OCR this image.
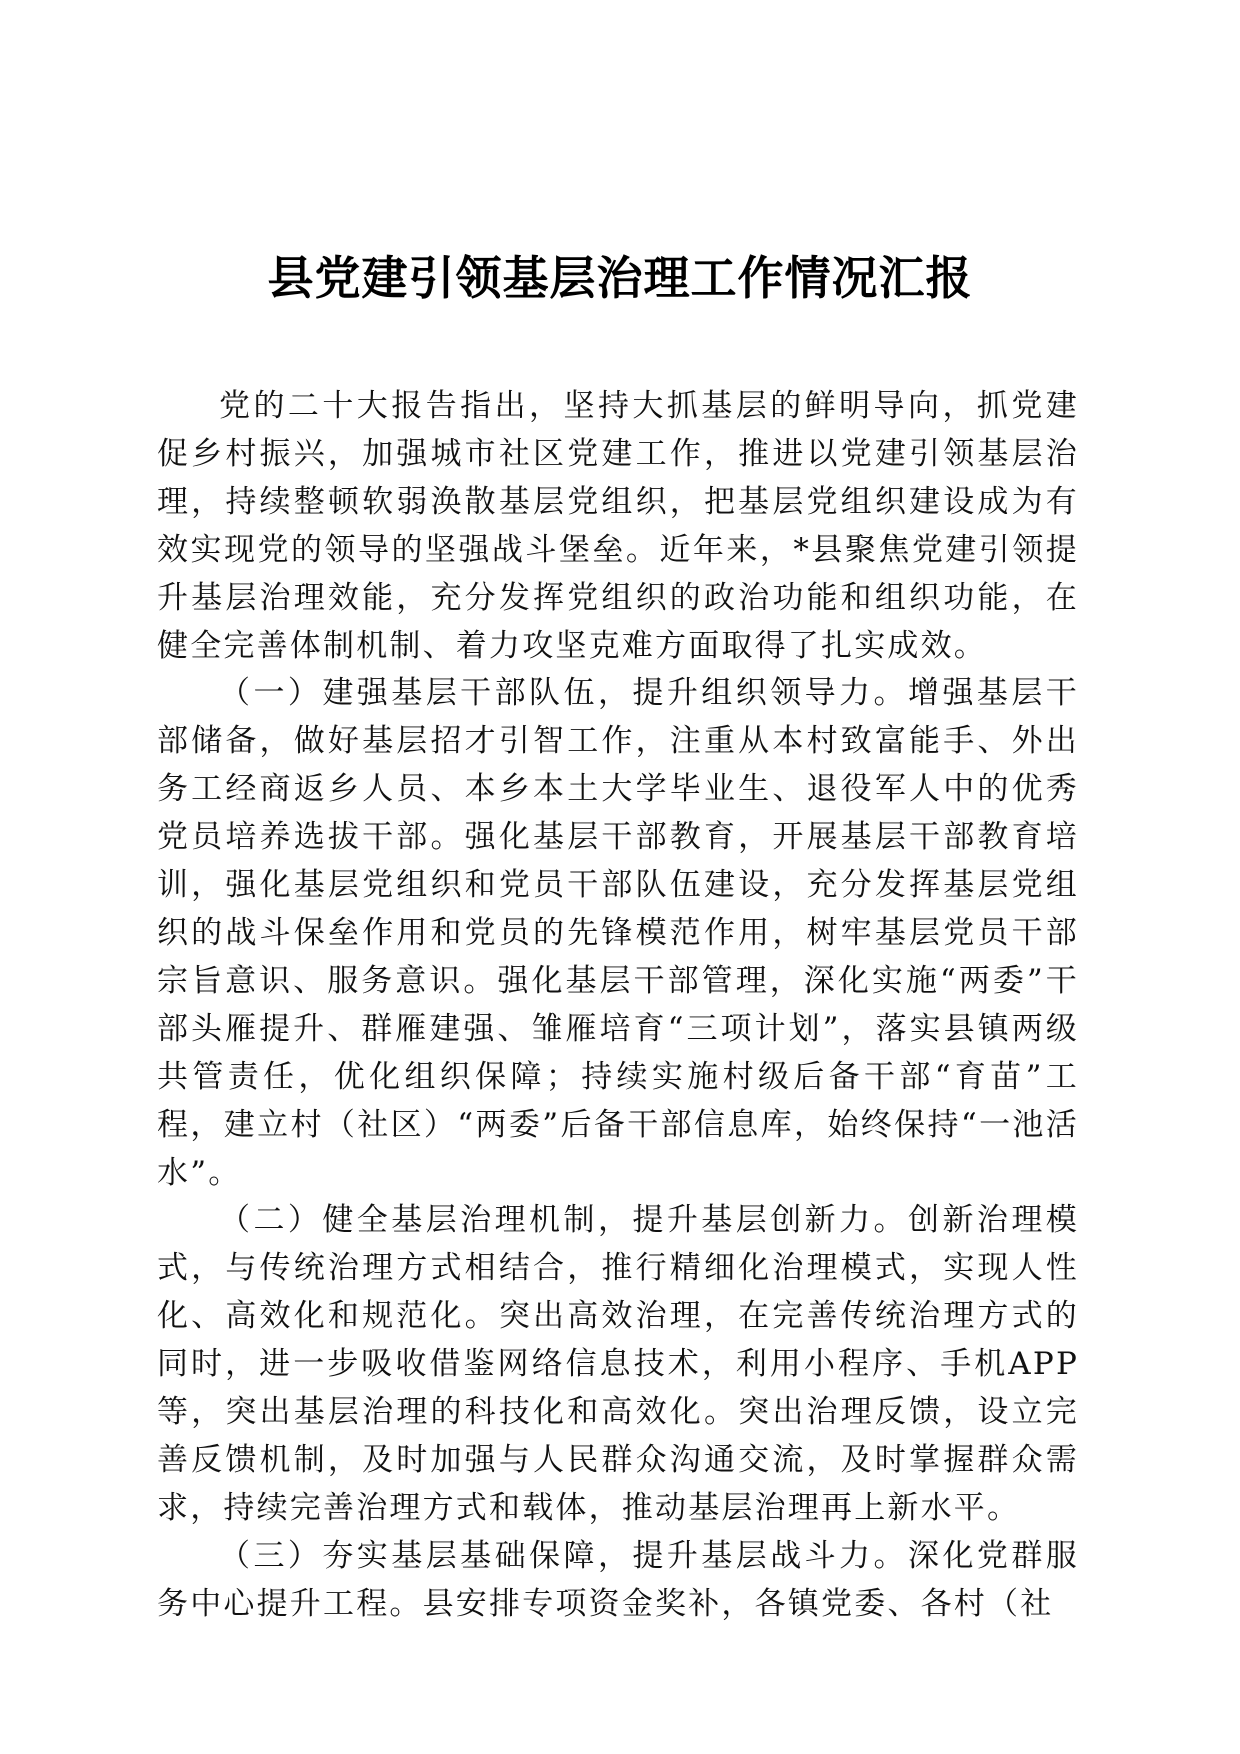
县党建引领基层治理工作情况汇报

党的二十大报告指出，坚持大抓基层的鲜明导向，抓党建促乡村振兴，加强城市社区党建工作，推进以党建引领基层治理，持续整顿软弱涣散基层党组织，把基层党组织建设成为有效实现党的领导的坚强战斗堡垒。近年来，*县聚焦党建引领提升基层治理效能，充分发挥党组织的政治功能和组织功能，在健全完善体制机制、着力攻坚克难方面取得了扎实成效。

（一）建强基层干部队伍，提升组织领导力。增强基层干部储备，做好基层招才引智工作，注重从本村致富能手、外出务工经商返乡人员、本乡本土大学毕业生、退役军人中的优秀党员培养选拔干部。强化基层干部教育，开展基层干部教育培训，强化基层党组织和党员干部队伍建设，充分发挥基层党组织的战斗保垒作用和党员的先锋模范作用，树牢基层党员干部宗旨意识、服务意识。强化基层干部管理，深化实施“两委”干部头雁提升、群雁建强、雏雁培育“三项计划”，落实县镇两级共管责任，优化组织保障；持续实施村级后备干部“育苗”工程，建立村（社区）“两委”后备干部信息库，始终保持“一池活水”。

（二）健全基层治理机制，提升基层创新力。创新治理模式，与传统治理方式相结合，推行精细化治理模式，实现人性化、高效化和规范化。突出高效治理，在完善传统治理方式的同时，进一步吸收借鉴网络信息技术，利用小程序、手机APP等，突出基层治理的科技化和高效化。突出治理反馈，设立完善反馈机制，及时加强与人民群众沟通交流，及时掌握群众需求，持续完善治理方式和载体，推动基层治理再上新水平。

（三）夯实基层基础保障，提升基层战斗力。深化党群服务中心提升工程。县安排专项资金奖补，各镇党委、各村（社
